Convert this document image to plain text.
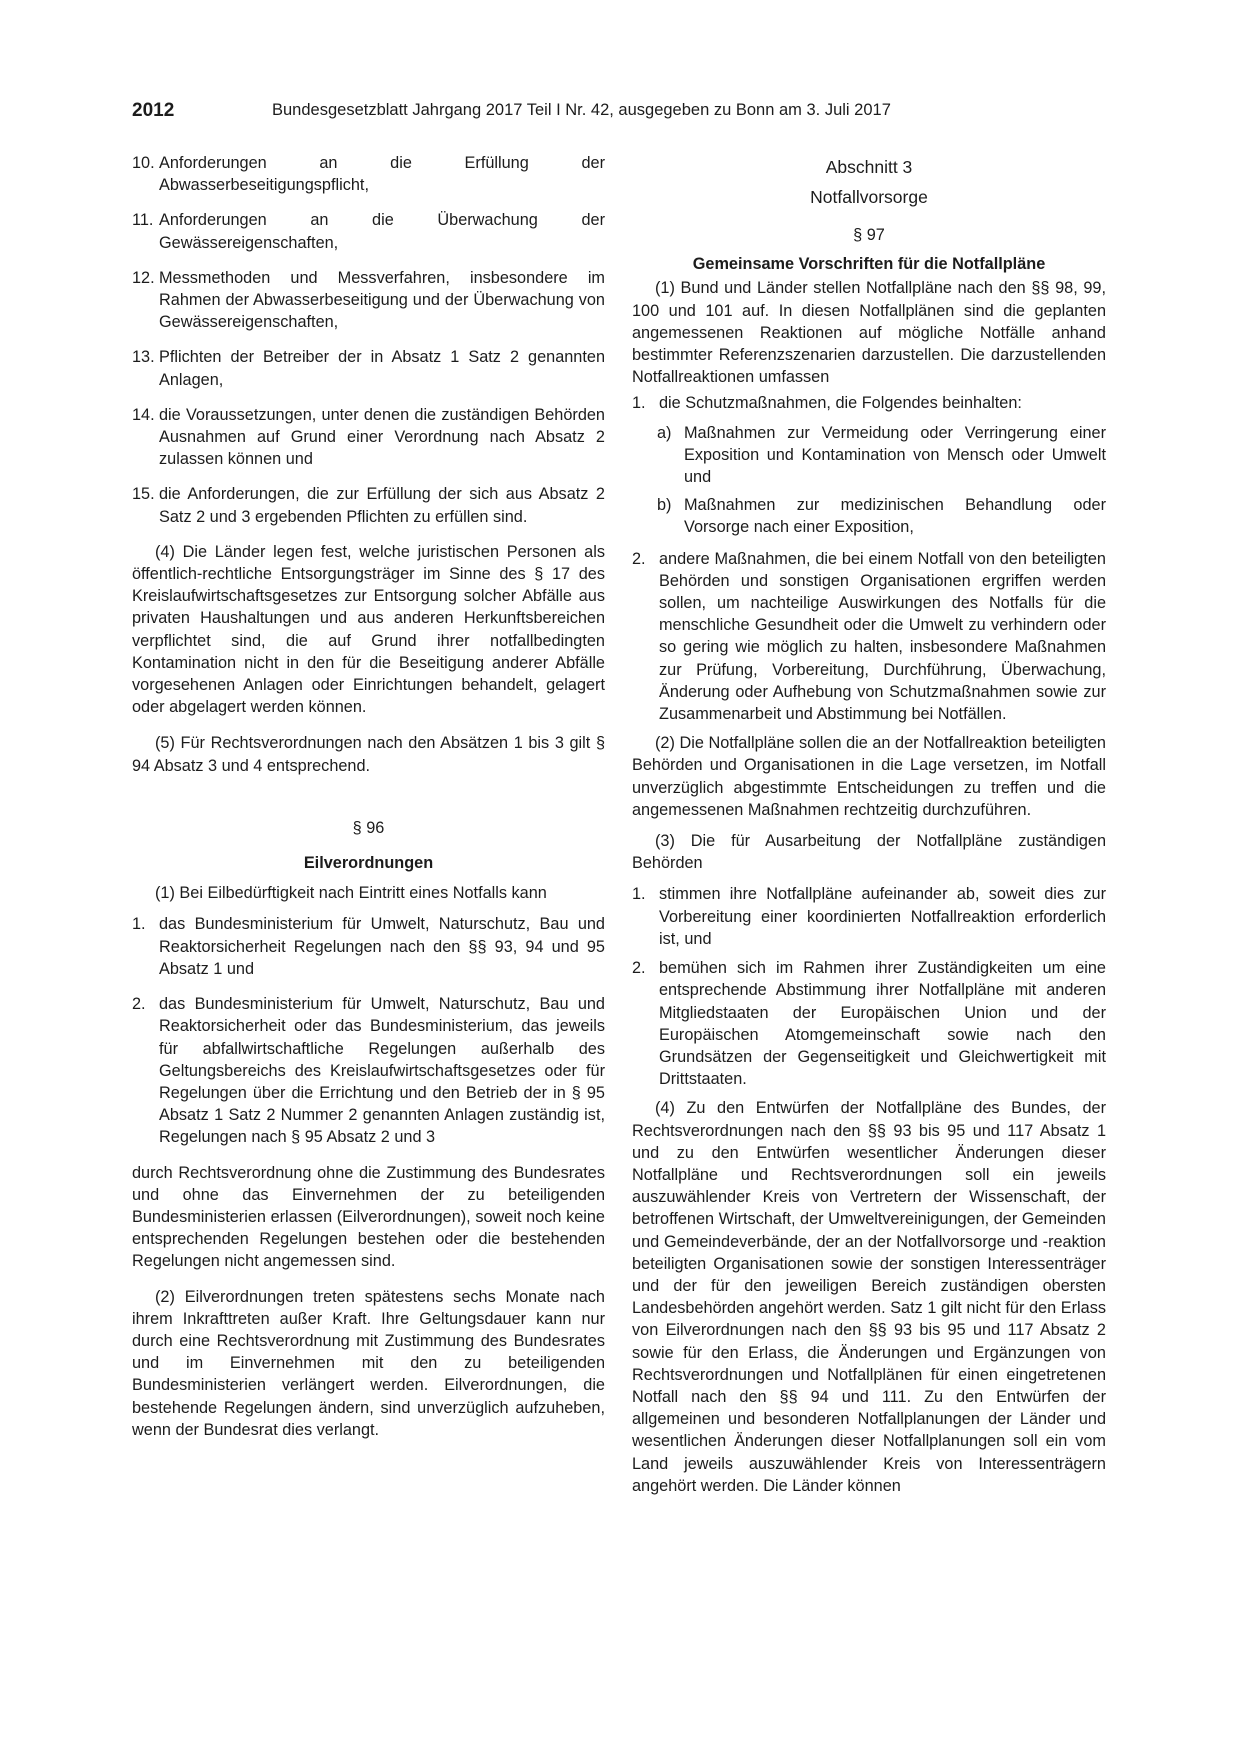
2012	Bundesgesetzblatt Jahrgang 2017 Teil I Nr. 42, ausgegeben zu Bonn am 3. Juli 2017
10. Anforderungen an die Erfüllung der Abwasserbeseitigungspflicht,
11. Anforderungen an die Überwachung der Gewässereigenschaften,
12. Messmethoden und Messverfahren, insbesondere im Rahmen der Abwasserbeseitigung und der Überwachung von Gewässereigenschaften,
13. Pflichten der Betreiber der in Absatz 1 Satz 2 genannten Anlagen,
14. die Voraussetzungen, unter denen die zuständigen Behörden Ausnahmen auf Grund einer Verordnung nach Absatz 2 zulassen können und
15. die Anforderungen, die zur Erfüllung der sich aus Absatz 2 Satz 2 und 3 ergebenden Pflichten zu erfüllen sind.

(4) Die Länder legen fest, welche juristischen Personen als öffentlich-rechtliche Entsorgungsträger im Sinne des § 17 des Kreislaufwirtschaftsgesetzes zur Entsorgung solcher Abfälle aus privaten Haushaltungen und aus anderen Herkunftsbereichen verpflichtet sind, die auf Grund ihrer notfallbedingten Kontamination nicht in den für die Beseitigung anderer Abfälle vorgesehenen Anlagen oder Einrichtungen behandelt, gelagert oder abgelagert werden können.

(5) Für Rechtsverordnungen nach den Absätzen 1 bis 3 gilt § 94 Absatz 3 und 4 entsprechend.

§ 96
Eilverordnungen

(1) Bei Eilbedürftigkeit nach Eintritt eines Notfalls kann

1. das Bundesministerium für Umwelt, Naturschutz, Bau und Reaktorsicherheit Regelungen nach den §§ 93, 94 und 95 Absatz 1 und
2. das Bundesministerium für Umwelt, Naturschutz, Bau und Reaktorsicherheit oder das Bundesministerium, das jeweils für abfallwirtschaftliche Regelungen außerhalb des Geltungsbereichs des Kreislaufwirtschaftsgesetzes oder für Regelungen über die Errichtung und den Betrieb der in § 95 Absatz 1 Satz 2 Nummer 2 genannten Anlagen zuständig ist, Regelungen nach § 95 Absatz 2 und 3

durch Rechtsverordnung ohne die Zustimmung des Bundesrates und ohne das Einvernehmen der zu beteiligenden Bundesministerien erlassen (Eilverordnungen), soweit noch keine entsprechenden Regelungen bestehen oder die bestehenden Regelungen nicht angemessen sind.

(2) Eilverordnungen treten spätestens sechs Monate nach ihrem Inkrafttreten außer Kraft. Ihre Geltungsdauer kann nur durch eine Rechtsverordnung mit Zustimmung des Bundesrates und im Einvernehmen mit den zu beteiligenden Bundesministerien verlängert werden. Eilverordnungen, die bestehende Regelungen ändern, sind unverzüglich aufzuheben, wenn der Bundesrat dies verlangt.

Abschnitt 3
Notfallvorsorge
§ 97
Gemeinsame Vorschriften für die Notfallpläne

(1) Bund und Länder stellen Notfallpläne nach den §§ 98, 99, 100 und 101 auf. In diesen Notfallplänen sind die geplanten angemessenen Reaktionen auf mögliche Notfälle anhand bestimmter Referenzszenarien darzustellen. Die darzustellenden Notfallreaktionen umfassen

1. die Schutzmaßnahmen, die Folgendes beinhalten:
a) Maßnahmen zur Vermeidung oder Verringerung einer Exposition und Kontamination von Mensch oder Umwelt und
b) Maßnahmen zur medizinischen Behandlung oder Vorsorge nach einer Exposition,
2. andere Maßnahmen, die bei einem Notfall von den beteiligten Behörden und sonstigen Organisationen ergriffen werden sollen, um nachteilige Auswirkungen des Notfalls für die menschliche Gesundheit oder die Umwelt zu verhindern oder so gering wie möglich zu halten, insbesondere Maßnahmen zur Prüfung, Vorbereitung, Durchführung, Überwachung, Änderung oder Aufhebung von Schutzmaßnahmen sowie zur Zusammenarbeit und Abstimmung bei Notfällen.

(2) Die Notfallpläne sollen die an der Notfallreaktion beteiligten Behörden und Organisationen in die Lage versetzen, im Notfall unverzüglich abgestimmte Entscheidungen zu treffen und die angemessenen Maßnahmen rechtzeitig durchzuführen.

(3) Die für Ausarbeitung der Notfallpläne zuständigen Behörden

1. stimmen ihre Notfallpläne aufeinander ab, soweit dies zur Vorbereitung einer koordinierten Notfallreaktion erforderlich ist, und
2. bemühen sich im Rahmen ihrer Zuständigkeiten um eine entsprechende Abstimmung ihrer Notfallpläne mit anderen Mitgliedstaaten der Europäischen Union und der Europäischen Atomgemeinschaft sowie nach den Grundsätzen der Gegenseitigkeit und Gleichwertigkeit mit Drittstaaten.

(4) Zu den Entwürfen der Notfallpläne des Bundes, der Rechtsverordnungen nach den §§ 93 bis 95 und 117 Absatz 1 und zu den Entwürfen wesentlicher Änderungen dieser Notfallpläne und Rechtsverordnungen soll ein jeweils auszuwählender Kreis von Vertretern der Wissenschaft, der betroffenen Wirtschaft, der Umweltvereinigungen, der Gemeinden und Gemeindeverbände, der an der Notfallvorsorge und -reaktion beteiligten Organisationen sowie der sonstigen Interessenträger und der für den jeweiligen Bereich zuständigen obersten Landesbehörden angehört werden. Satz 1 gilt nicht für den Erlass von Eilverordnungen nach den §§ 93 bis 95 und 117 Absatz 2 sowie für den Erlass, die Änderungen und Ergänzungen von Rechtsverordnungen und Notfallplänen für einen eingetretenen Notfall nach den §§ 94 und 111. Zu den Entwürfen der allgemeinen und besonderen Notfallplanungen der Länder und wesentlichen Änderungen dieser Notfallplanungen soll ein vom Land jeweils auszuwählender Kreis von Interessenträgern angehört werden. Die Länder können
